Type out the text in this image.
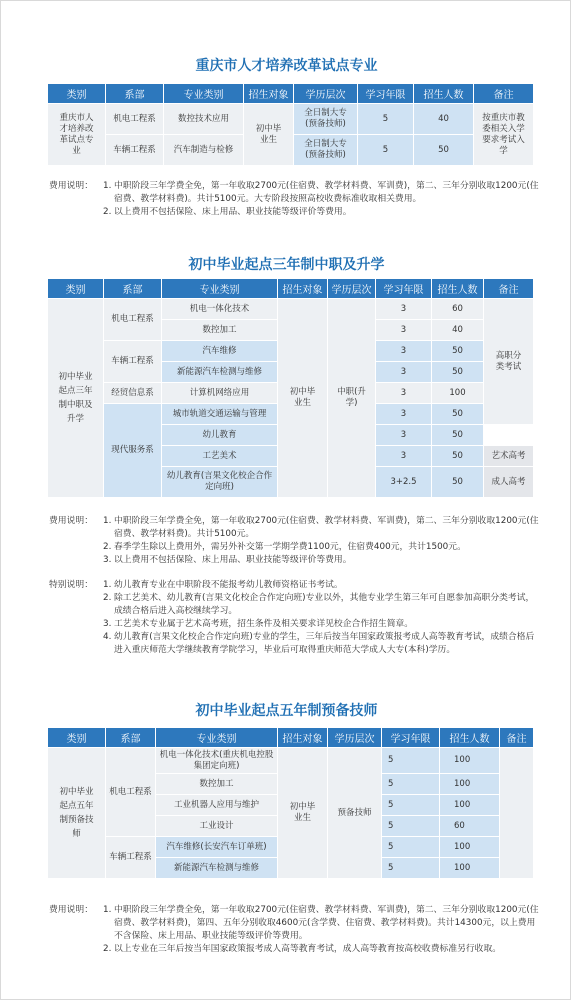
重庆市人才培养改革试点专业
类别	系部	专业类别	招生对象	学历层次	学习年限	招生人数	备注
重庆市人才培养改革试点专业	机电工程系	数控技术应用	初中毕业生	全日制大专(预备技师)	5	40	按重庆市教委相关入学要求考试入学
	车辆工程系	汽车制造与检修		全日制大专(预备技师)	5	50	
费用说明：	1. 中职阶段三年学费全免，第一年收取2700元(住宿费、教学材料费、军训费)，第二、三年分别收取1200元(住宿费、教学材料费)。共计5100元。大专阶段按照高校收费标准收取相关费用。
2. 以上费用不包括保险、床上用品、职业技能等级评价等费用。
初中毕业起点三年制中职及升学
类别	系部	专业类别	招生对象	学历层次	学习年限	招生人数	备注
初中毕业起点三年制中职及升学	机电工程系	机电一体化技术	初中毕业生	中职(升学)	3	60	高职分类考试
		数控加工			3	40	
	车辆工程系	汽车维修			3	50	
		新能源汽车检测与维修			3	50	
	经贸信息系	计算机网络应用			3	100	
	现代服务系	城市轨道交通运输与管理			3	50	
		幼儿教育			3	50	
		工艺美术			3	50	艺术高考
		幼儿教育(言果文化校企合作定向班)			3+2.5	50	成人高考
费用说明：	1. 中职阶段三年学费全免，第一年收取2700元(住宿费、教学材料费、军训费)，第二、三年分别收取1200元(住宿费、教学材料费)。共计5100元。
2. 春季学生除以上费用外，需另外补交第一学期学费1100元，住宿费400元，共计1500元。
3. 以上费用不包括保险、床上用品、职业技能等级评价等费用。
特别说明：	1. 幼儿教育专业在中职阶段不能报考幼儿教师资格证书考试。
2. 除工艺美术、幼儿教育(言果文化校企合作定向班)专业以外，其他专业学生第三年可自愿参加高职分类考试，成绩合格后进入高校继续学习。
3. 工艺美术专业属于艺术高考班，招生条件及相关要求详见校企合作招生简章。
4. 幼儿教育(言果文化校企合作定向班)专业的学生，三年后按当年国家政策报考成人高等教育考试，成绩合格后进入重庆师范大学继续教育学院学习，毕业后可取得重庆师范大学成人大专(本科)学历。
初中毕业起点五年制预备技师
类别	系部	专业类别	招生对象	学历层次	学习年限	招生人数	备注
初中毕业起点五年制预备技师	机电工程系	机电一体化技术(重庆机电控股集团定向班)	初中毕业生	预备技师	5	100	
		数控加工			5	100	
		工业机器人应用与维护			5	100	
		工业设计			5	60	
	车辆工程系	汽车维修(长安汽车订单班)			5	100	
		新能源汽车检测与维修			5	100	
费用说明：	1. 中职阶段三年学费全免，第一年收取2700元(住宿费、教学材料费、军训费)，第二、三年分别收取1200元(住宿费、教学材料费)，第四、五年分别收取4600元(含学费、住宿费、教学材料费)。共计14300元，以上费用不含保险、床上用品、职业技能等级评价等费用。
2. 以上专业在三年后按当年国家政策报考成人高等教育考试，成人高等教育按高校收费标准另行收取。
